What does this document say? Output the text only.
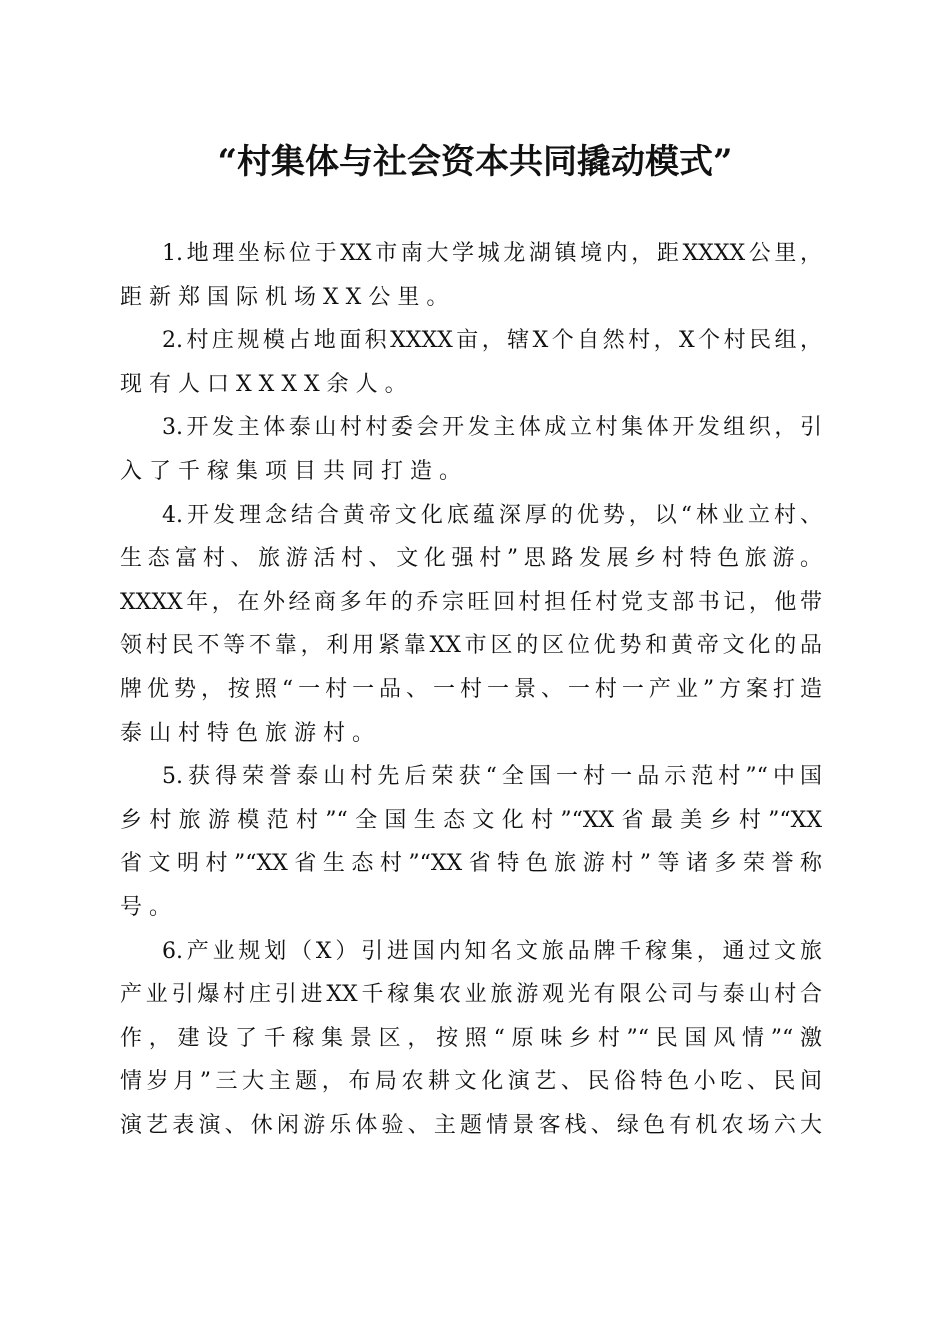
“村集体与社会资本共同撬动模式”
1.地理坐标位于XX市南大学城龙湖镇境内，距XXXX公里，
距新郑国际机场XX公里。
2.村庄规模占地面积XXXX亩，辖X个自然村，X个村民组，
现有人口XXXX余人。
3.开发主体泰山村村委会开发主体成立村集体开发组织，引
入了千稼集项目共同打造。
4.开发理念结合黄帝文化底蕴深厚的优势，以“林业立村、
生态富村、旅游活村、文化强村”思路发展乡村特色旅游。
XXXX年，在外经商多年的乔宗旺回村担任村党支部书记，他带
领村民不等不靠，利用紧靠XX市区的区位优势和黄帝文化的品
牌优势，按照“一村一品、一村一景、一村一产业”方案打造
泰山村特色旅游村。
5.获得荣誉泰山村先后荣获“全国一村一品示范村”“中国
乡村旅游模范村”“全国生态文化村”“XX省最美乡村”“XX
省文明村”“XX省生态村”“XX省特色旅游村”等诸多荣誉称
号。
6.产业规划（X）引进国内知名文旅品牌千稼集，通过文旅
产业引爆村庄引进XX千稼集农业旅游观光有限公司与泰山村合
作，建设了千稼集景区，按照“原味乡村”“民国风情”“激
情岁月”三大主题，布局农耕文化演艺、民俗特色小吃、民间
演艺表演、休闲游乐体验、主题情景客栈、绿色有机农场六大
